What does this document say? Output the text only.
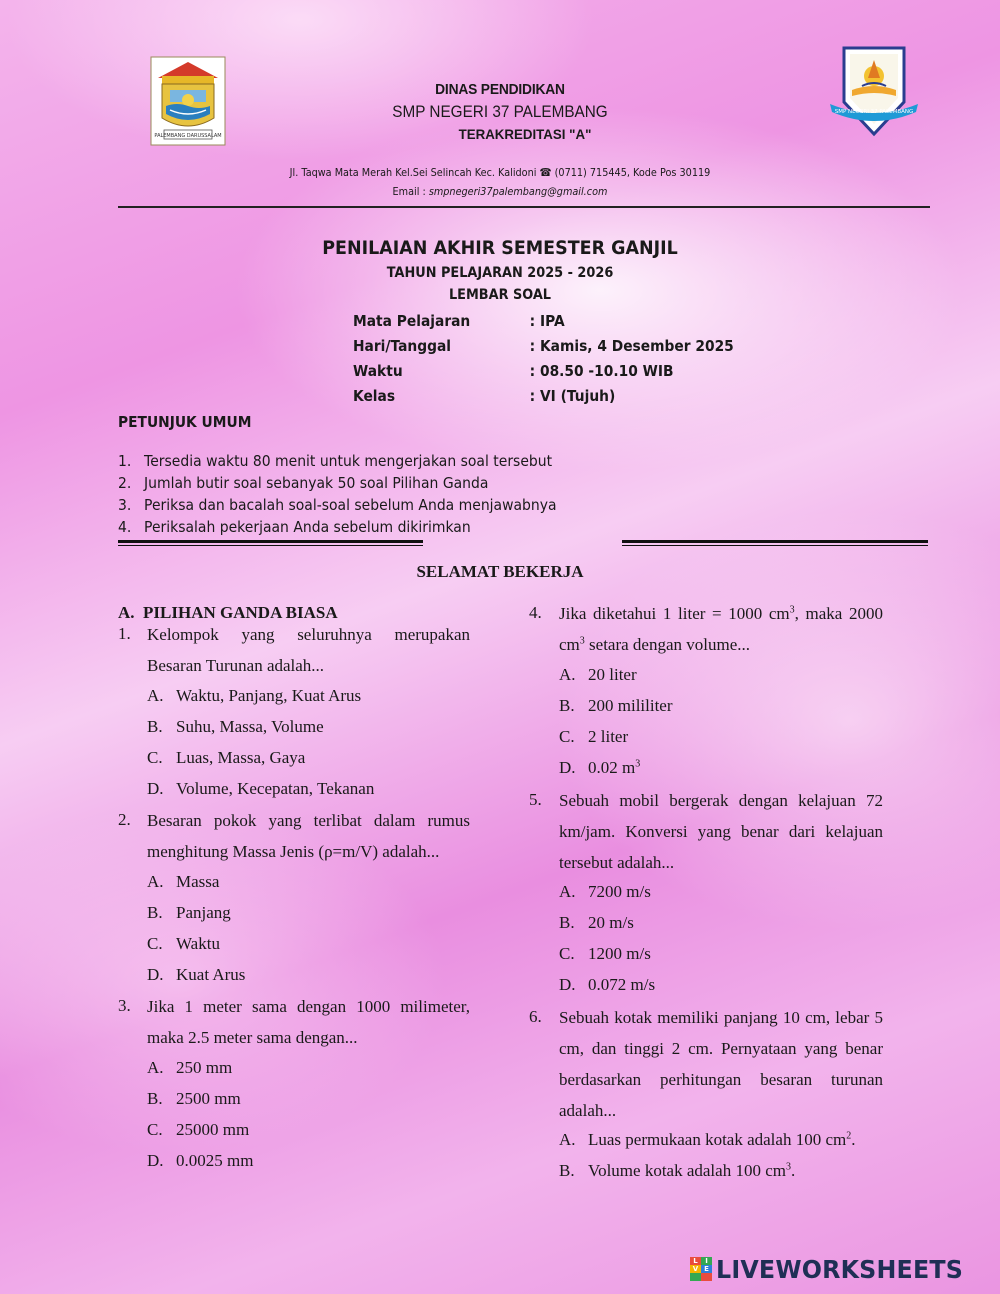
PALEMBANG DARUSSALAM
SMP NEGERI 37 PALEMBANG
DINAS PENDIDIKAN
SMP NEGERI 37 PALEMBANG
TERAKREDITASI "A"
Jl. Taqwa Mata Merah Kel.Sei Selincah Kec. Kalidoni ☎ (0711) 715445, Kode Pos 30119
Email : smpnegeri37palembang@gmail.com
PENILAIAN AKHIR SEMESTER GANJIL
TAHUN PELAJARAN 2025 - 2026
LEMBAR SOAL
Mata Pelajaran	: IPA
Hari/Tanggal	: Kamis, 4 Desember 2025
Waktu	: 08.50 -10.10 WIB
Kelas	: VI (Tujuh)
PETUNJUK UMUM
1. Tersedia waktu 80 menit untuk mengerjakan soal tersebut
2. Jumlah butir soal sebanyak 50 soal Pilihan Ganda
3. Periksa dan bacalah soal-soal sebelum Anda menjawabnya
4. Periksalah pekerjaan Anda sebelum dikirimkan
SELAMAT BEKERJA
A. PILIHAN GANDA BIASA
1. Kelompok yang seluruhnya merupakan Besaran Turunan adalah...
A. Waktu, Panjang, Kuat Arus
B. Suhu, Massa, Volume
C. Luas, Massa, Gaya
D. Volume, Kecepatan, Tekanan
2. Besaran pokok yang terlibat dalam rumus menghitung Massa Jenis (ρ=m/V) adalah...
A. Massa
B. Panjang
C. Waktu
D. Kuat Arus
3. Jika 1 meter sama dengan 1000 milimeter, maka 2.5 meter sama dengan...
A. 250 mm
B. 2500 mm
C. 25000 mm
D. 0.0025 mm
4. Jika diketahui 1 liter = 1000 $cm^3$, maka 2000 $cm^3$ setara dengan volume...
A. 20 liter
B. 200 mililiter
C. 2 liter
D. 0.02 $m^3$
5. Sebuah mobil bergerak dengan kelajuan 72 km/jam. Konversi yang benar dari kelajuan tersebut adalah...
A. 7200 m/s
B. 20 m/s
C. 1200 m/s
D. 0.072 m/s
6. Sebuah kotak memiliki panjang 10 cm, lebar 5 cm, dan tinggi 2 cm. Pernyataan yang benar berdasarkan perhitungan besaran turunan adalah...
A. Luas permukaan kotak adalah 100 $cm^2$.
B. Volume kotak adalah 100 $cm^3$.
L	I
V E LIVEWORKSHEETS
